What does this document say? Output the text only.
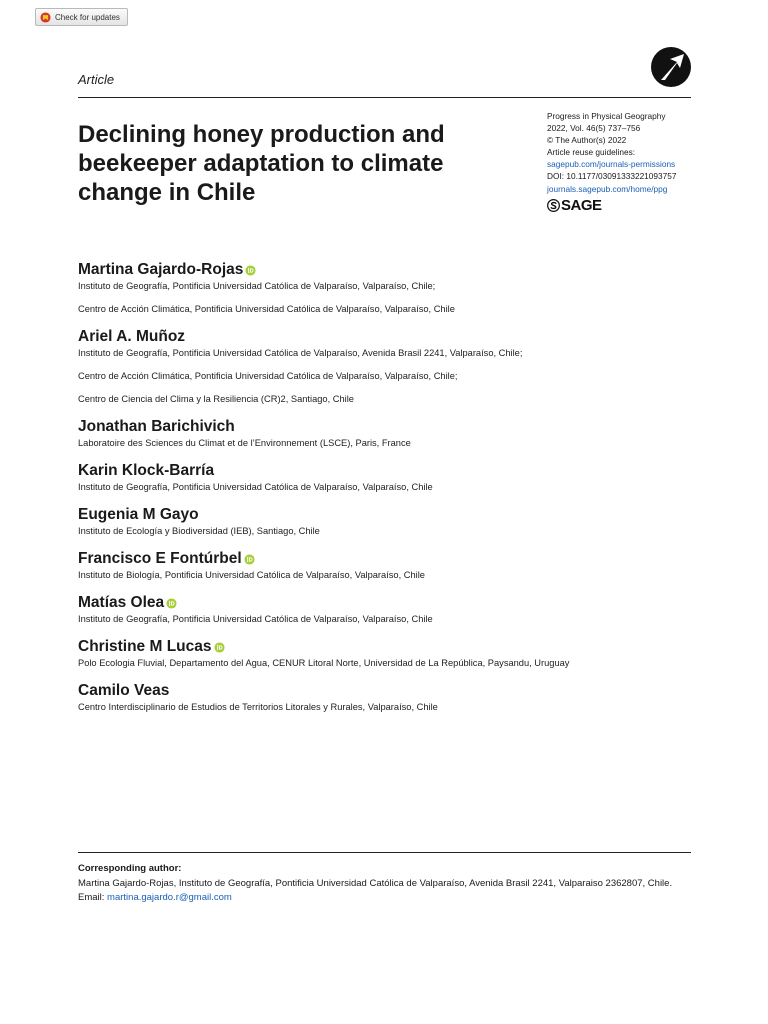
Check for updates
Article
Declining honey production and beekeeper adaptation to climate change in Chile
Progress in Physical Geography
2022, Vol. 46(5) 737–756
© The Author(s) 2022
Article reuse guidelines:
sagepub.com/journals-permissions
DOI: 10.1177/03091333221093757
journals.sagepub.com/home/ppg
SAGE
Martina Gajardo-Rojas
Instituto de Geografía, Pontificia Universidad Católica de Valparaíso, Valparaíso, Chile;
Centro de Acción Climática, Pontificia Universidad Católica de Valparaíso, Valparaíso, Chile
Ariel A. Muñoz
Instituto de Geografía, Pontificia Universidad Católica de Valparaíso, Avenida Brasil 2241, Valparaíso, Chile;
Centro de Acción Climática, Pontificia Universidad Católica de Valparaíso, Valparaíso, Chile;
Centro de Ciencia del Clima y la Resiliencia (CR)2, Santiago, Chile
Jonathan Barichivich
Laboratoire des Sciences du Climat et de l’Environnement (LSCE), Paris, France
Karin Klock-Barría
Instituto de Geografía, Pontificia Universidad Católica de Valparaíso, Valparaíso, Chile
Eugenia M Gayo
Instituto de Ecología y Biodiversidad (IEB), Santiago, Chile
Francisco E Fontúrbel
Instituto de Biología, Pontificia Universidad Católica de Valparaíso, Valparaíso, Chile
Matías Olea
Instituto de Geografía, Pontificia Universidad Católica de Valparaíso, Valparaíso, Chile
Christine M Lucas
Polo Ecologia Fluvial, Departamento del Agua, CENUR Litoral Norte, Universidad de La República, Paysandu, Uruguay
Camilo Veas
Centro Interdisciplinario de Estudios de Territorios Litorales y Rurales, Valparaíso, Chile
Corresponding author:
Martina Gajardo-Rojas, Instituto de Geografía, Pontificia Universidad Católica de Valparaíso, Avenida Brasil 2241, Valparaiso 2362807, Chile.
Email: martina.gajardo.r@gmail.com
